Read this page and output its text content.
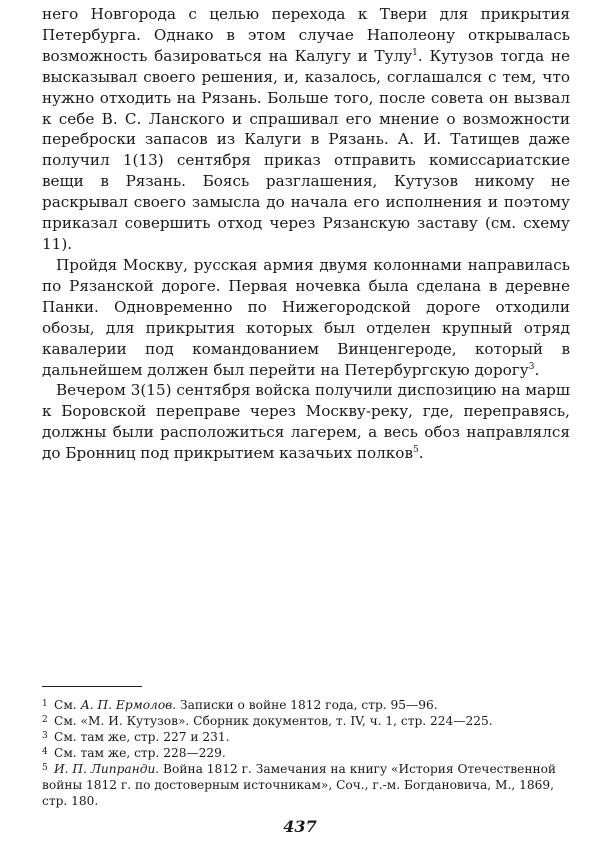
него Новгорода с целью перехода к Твери для прикрытия Петербурга. Однако в этом случае Наполеону открывалась возможность базироваться на Калугу и Тулу$^1$. Кутузов тогда не высказывал своего решения, и, казалось, соглашался с тем, что нужно отходить на Рязань. Больше того, после совета он вызвал к себе В. С. Ланского и спрашивал его мнение о возможности переброски запасов из Калуги в Рязань. А. И. Татищев даже получил 1(13) сентября приказ отправить комиссариатские вещи в Рязань. Боясь разглашения, Кутузов никому не раскрывал своего замысла до начала его исполнения и поэтому приказал совершить отход через Рязанскую заставу (см. схему 11).

Пройдя Москву, русская армия двумя колоннами направилась по Рязанской дороге. Первая ночевка была сделана в деревне Панки. Одновременно по Нижегородской дороге отходили обозы, для прикрытия которых был отделен крупный отряд кавалерии под командованием Винценгероде, который в дальнейшем должен был перейти на Петербургскую дорогу$^3$.

Вечером 3(15) сентября войска получили диспозицию на марш к Боровской переправе через Москву-реку, где, переправясь, должны были расположиться лагерем, а весь обоз направлялся до Бронниц под прикрытием казачьих полков$^5$.

1 См. А. П. Ермолов. Записки о войне 1812 года, стр. 95—96.

2 См. «М. И. Кутузов». Сборник документов, т. IV, ч. 1, стр. 224—225.

3 См. там же, стр. 227 и 231.

4 См. там же, стр. 228—229.

5 И. П. Липранди. Война 1812 г. Замечания на книгу «История Отечественной войны 1812 г. по достоверным источникам», Соч., г.-м. Богдановича, М., 1869, стр. 180.

437
